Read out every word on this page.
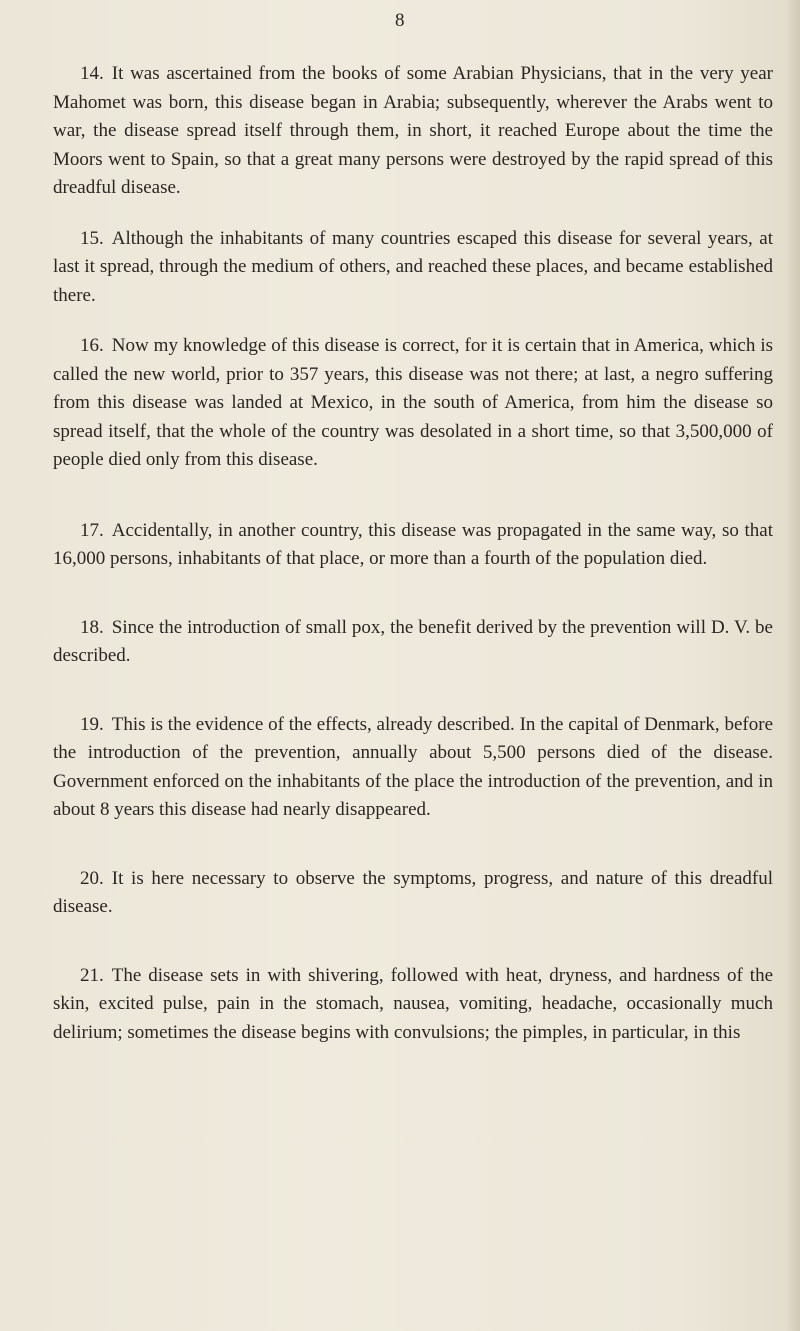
8

14. It was ascertained from the books of some Arabian Physicians, that in the very year Mahomet was born, this disease began in Arabia; subsequently, wherever the Arabs went to war, the disease spread itself through them, in short, it reached Europe about the time the Moors went to Spain, so that a great many persons were destroyed by the rapid spread of this dreadful disease.

15. Although the inhabitants of many countries escaped this disease for several years, at last it spread, through the medium of others, and reached these places, and became established there.

16. Now my knowledge of this disease is correct, for it is certain that in America, which is called the new world, prior to 357 years, this disease was not there; at last, a negro suffering from this disease was landed at Mexico, in the south of America, from him the disease so spread itself, that the whole of the country was desolated in a short time, so that 3,500,000 of people died only from this disease.

17. Accidentally, in another country, this disease was propagated in the same way, so that 16,000 persons, inhabitants of that place, or more than a fourth of the population died.

18. Since the introduction of small pox, the benefit derived by the prevention will D. V. be described.

19. This is the evidence of the effects, already described. In the capital of Denmark, before the introduction of the prevention, annually about 5,500 persons died of the disease. Government enforced on the inhabitants of the place the introduction of the prevention, and in about 8 years this disease had nearly disappeared.

20. It is here necessary to observe the symptoms, progress, and nature of this dreadful disease.

21. The disease sets in with shivering, followed with heat, dryness, and hardness of the skin, excited pulse, pain in the stomach, nausea, vomiting, headache, occasionally much delirium; sometimes the disease begins with convulsions; the pimples, in particular, in this
